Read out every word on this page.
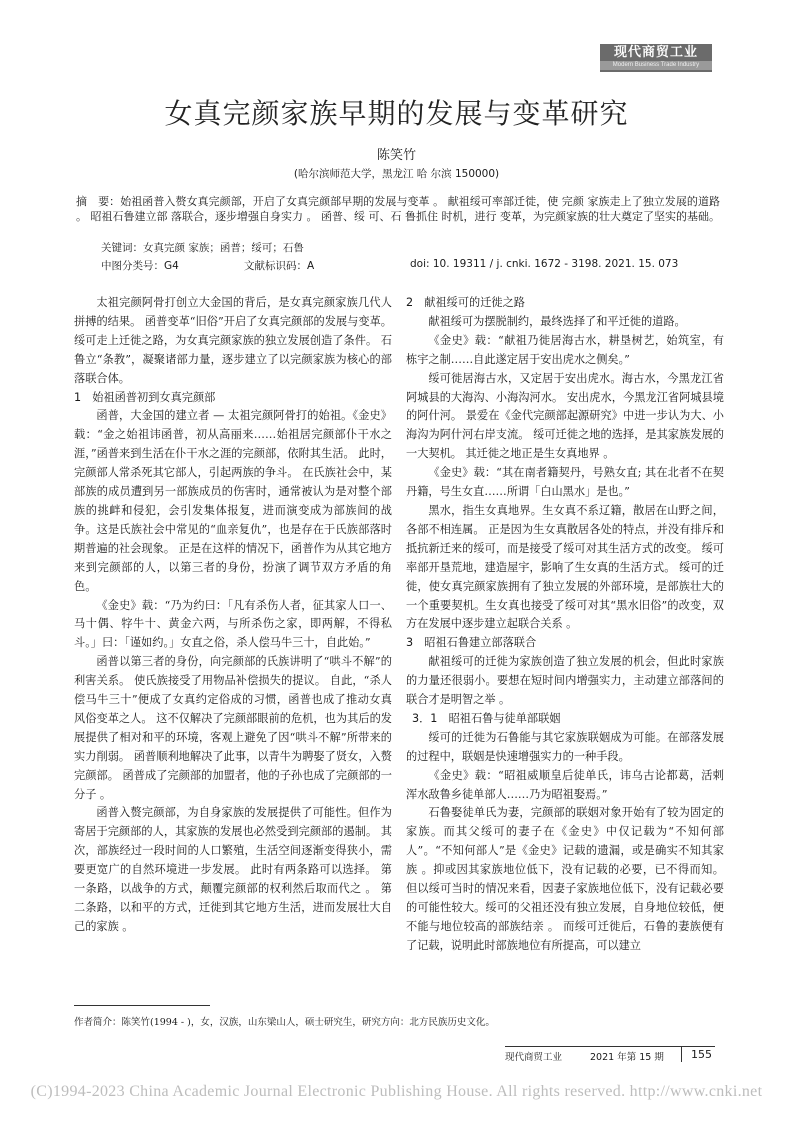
现代商贸工业
Modern Business Trade Industry
女真完颜家族早期的发展与变革研究
陈笑竹
(哈尔滨师范大学，黑龙江 哈 尔滨 150000)
摘　要：始祖函普入赘女真完颜部，开启了女真完颜部早期的发展与变革 。 献祖绥可率部迁徙，使 完颜 家族走上了独立发展的道路 。 昭祖石鲁建立部 落联合，逐步增强自身实力 。 函普、绥 可、石 鲁抓住 时机，进行 变革，为完颜家族的壮大奠定了坚实的基础。
关键词：女真完颜 家族；函普；绥可；石鲁
中图分类号：G4	文献标识码：A	doi: 10. 19311 / j. cnki. 1672 - 3198. 2021. 15. 073

太祖完颜阿骨打创立大金国的背后，是女真完颜家族几代人拼搏的结果。 函普变革“旧俗”开启了女真完颜部的发展与变革。 绥可走上迁徙之路，为女真完颜家族的独立发展创造了条件。 石鲁立“条教”，凝聚诸部力量，逐步建立了以完颜家族为核心的部落联合体。

1　始祖函普初到女真完颜部

函普，大金国的建立者 — 太祖完颜阿骨打的始祖。《金史》载：“金之始祖讳函普，初从高丽来……始祖居完颜部仆干水之涯，”函普来到生活在仆干水之涯的完颜部，依附其生活。 此时，完颜部人常杀死其它部人，引起两族的争斗。 在氏族社会中，某部族的成员遭到另一部族成员的伤害时，通常被认为是对整个部族的挑衅和侵犯，会引发集体报复，进而演变成为部族间的战争。这是氏族社会中常见的“血亲复仇”，也是存在于氏族部落时期普遍的社会现象。 正是在这样的情况下，函普作为从其它地方来到完颜部的人，以第三者的身份，扮演了调节双方矛盾的角色。

《金史》载：“乃为约曰：「凡有杀伤人者，征其家人口一、马十偶、牸牛十、黄金六两，与所杀伤之家，即两解，不得私斗。」曰：「谨如约。」女直之俗，杀人偿马牛三十，自此始。”

函普以第三者的身份，向完颜部的氏族讲明了“哄斗不解”的利害关系。 使氏族接受了用物品补偿损失的提议。 自此，“杀人偿马牛三十”便成了女真约定俗成的习惯，函普也成了推动女真风俗变革之人。 这不仅解决了完颜部眼前的危机，也为其后的发展提供了相对和平的环境，客观上避免了因“哄斗不解”所带来的实力削弱。 函普顺利地解决了此事，以青牛为聘娶了贤女，入赘完颜部。 函普成了完颜部的加盟者，他的子孙也成了完颜部的一分子 。

函普入赘完颜部，为自身家族的发展提供了可能性。但作为寄居于完颜部的人，其家族的发展也必然受到完颜部的遏制。 其次，部族经过一段时间的人口繁殖，生活空间逐渐变得狭小，需要更宽广的自然环境进一步发展。 此时有两条路可以选择。 第一条路，以战争的方式，颠覆完颜部的权利然后取而代之 。 第二条路，以和平的方式，迁徙到其它地方生活，进而发展壮大自己的家族 。

2　献祖绥可的迁徙之路

献祖绥可为摆脱制约，最终选择了和平迁徙的道路。

《金史》载：“献祖乃徙居海古水，耕垦树艺，始筑室，有栋宇之制……自此遂定居于安出虎水之侧矣。”

绥可徙居海古水，又定居于安出虎水。海古水，今黑龙江省阿城县的大海沟、小海沟河水。 安出虎水，今黑龙江省阿城县境的阿什河。 景爱在《金代完颜部起源研究》中进一步认为大、小海沟为阿什河右岸支流。 绥可迁徙之地的选择，是其家族发展的一大契机。 其迁徙之地正是生女真地界 。

《金史》载：“其在南者籍契丹，号熟女直; 其在北者不在契丹籍，号生女直……所谓「白山黑水」是也。”

黑水，指生女真地界。生女真不系辽籍，散居在山野之间，各部不相连属。 正是因为生女真散居各处的特点，并没有排斥和抵抗新迁来的绥可，而是接受了绥可对其生活方式的改变。 绥可率部开垦荒地，建造屋宇，影响了生女真的生活方式。 绥可的迁徙，使女真完颜家族拥有了独立发展的外部环境，是部族壮大的一个重要契机。生女真也接受了绥可对其“黑水旧俗”的改变，双方在发展中逐步建立起联合关系 。

3　昭祖石鲁建立部落联合

献祖绥可的迁徙为家族创造了独立发展的机会，但此时家族的力量还很弱小。要想在短时间内增强实力，主动建立部落间的联合才是明智之举 。

3．1　昭祖石鲁与徒单部联姻

绥可的迁徙为石鲁能与其它家族联姻成为可能。在部落发展的过程中，联姻是快速增强实力的一种手段。

《金史》载：“昭祖威顺皇后徒单氏，讳乌古论都葛，活剌浑水敌鲁乡徒单部人……乃为昭祖娶焉。”

石鲁娶徒单氏为妻，完颜部的联姻对象开始有了较为固定的家族。而其父绥可的妻子在《金史》中仅记载为“不知何部人”。“不知何部人”是《金史》记载的遗漏，或是确实不知其家族 。抑或因其家族地位低下，没有记载的必要，已不得而知。 但以绥可当时的情况来看，因妻子家族地位低下，没有记载必要的可能性较大。绥可的父祖还没有独立发展，自身地位较低，便不能与地位较高的部族结亲 。 而绥可迁徙后，石鲁的妻族便有了记载，说明此时部族地位有所提高，可以建立

作者简介：陈笑竹(1994 - )，女，汉族，山东梁山人，硕士研究生，研究方向：北方民族历史文化。
现代商贸工业	2021 年第 15 期 155
(C)1994-2023 China Academic Journal Electronic Publishing House. All rights reserved. http://www.cnki.net
